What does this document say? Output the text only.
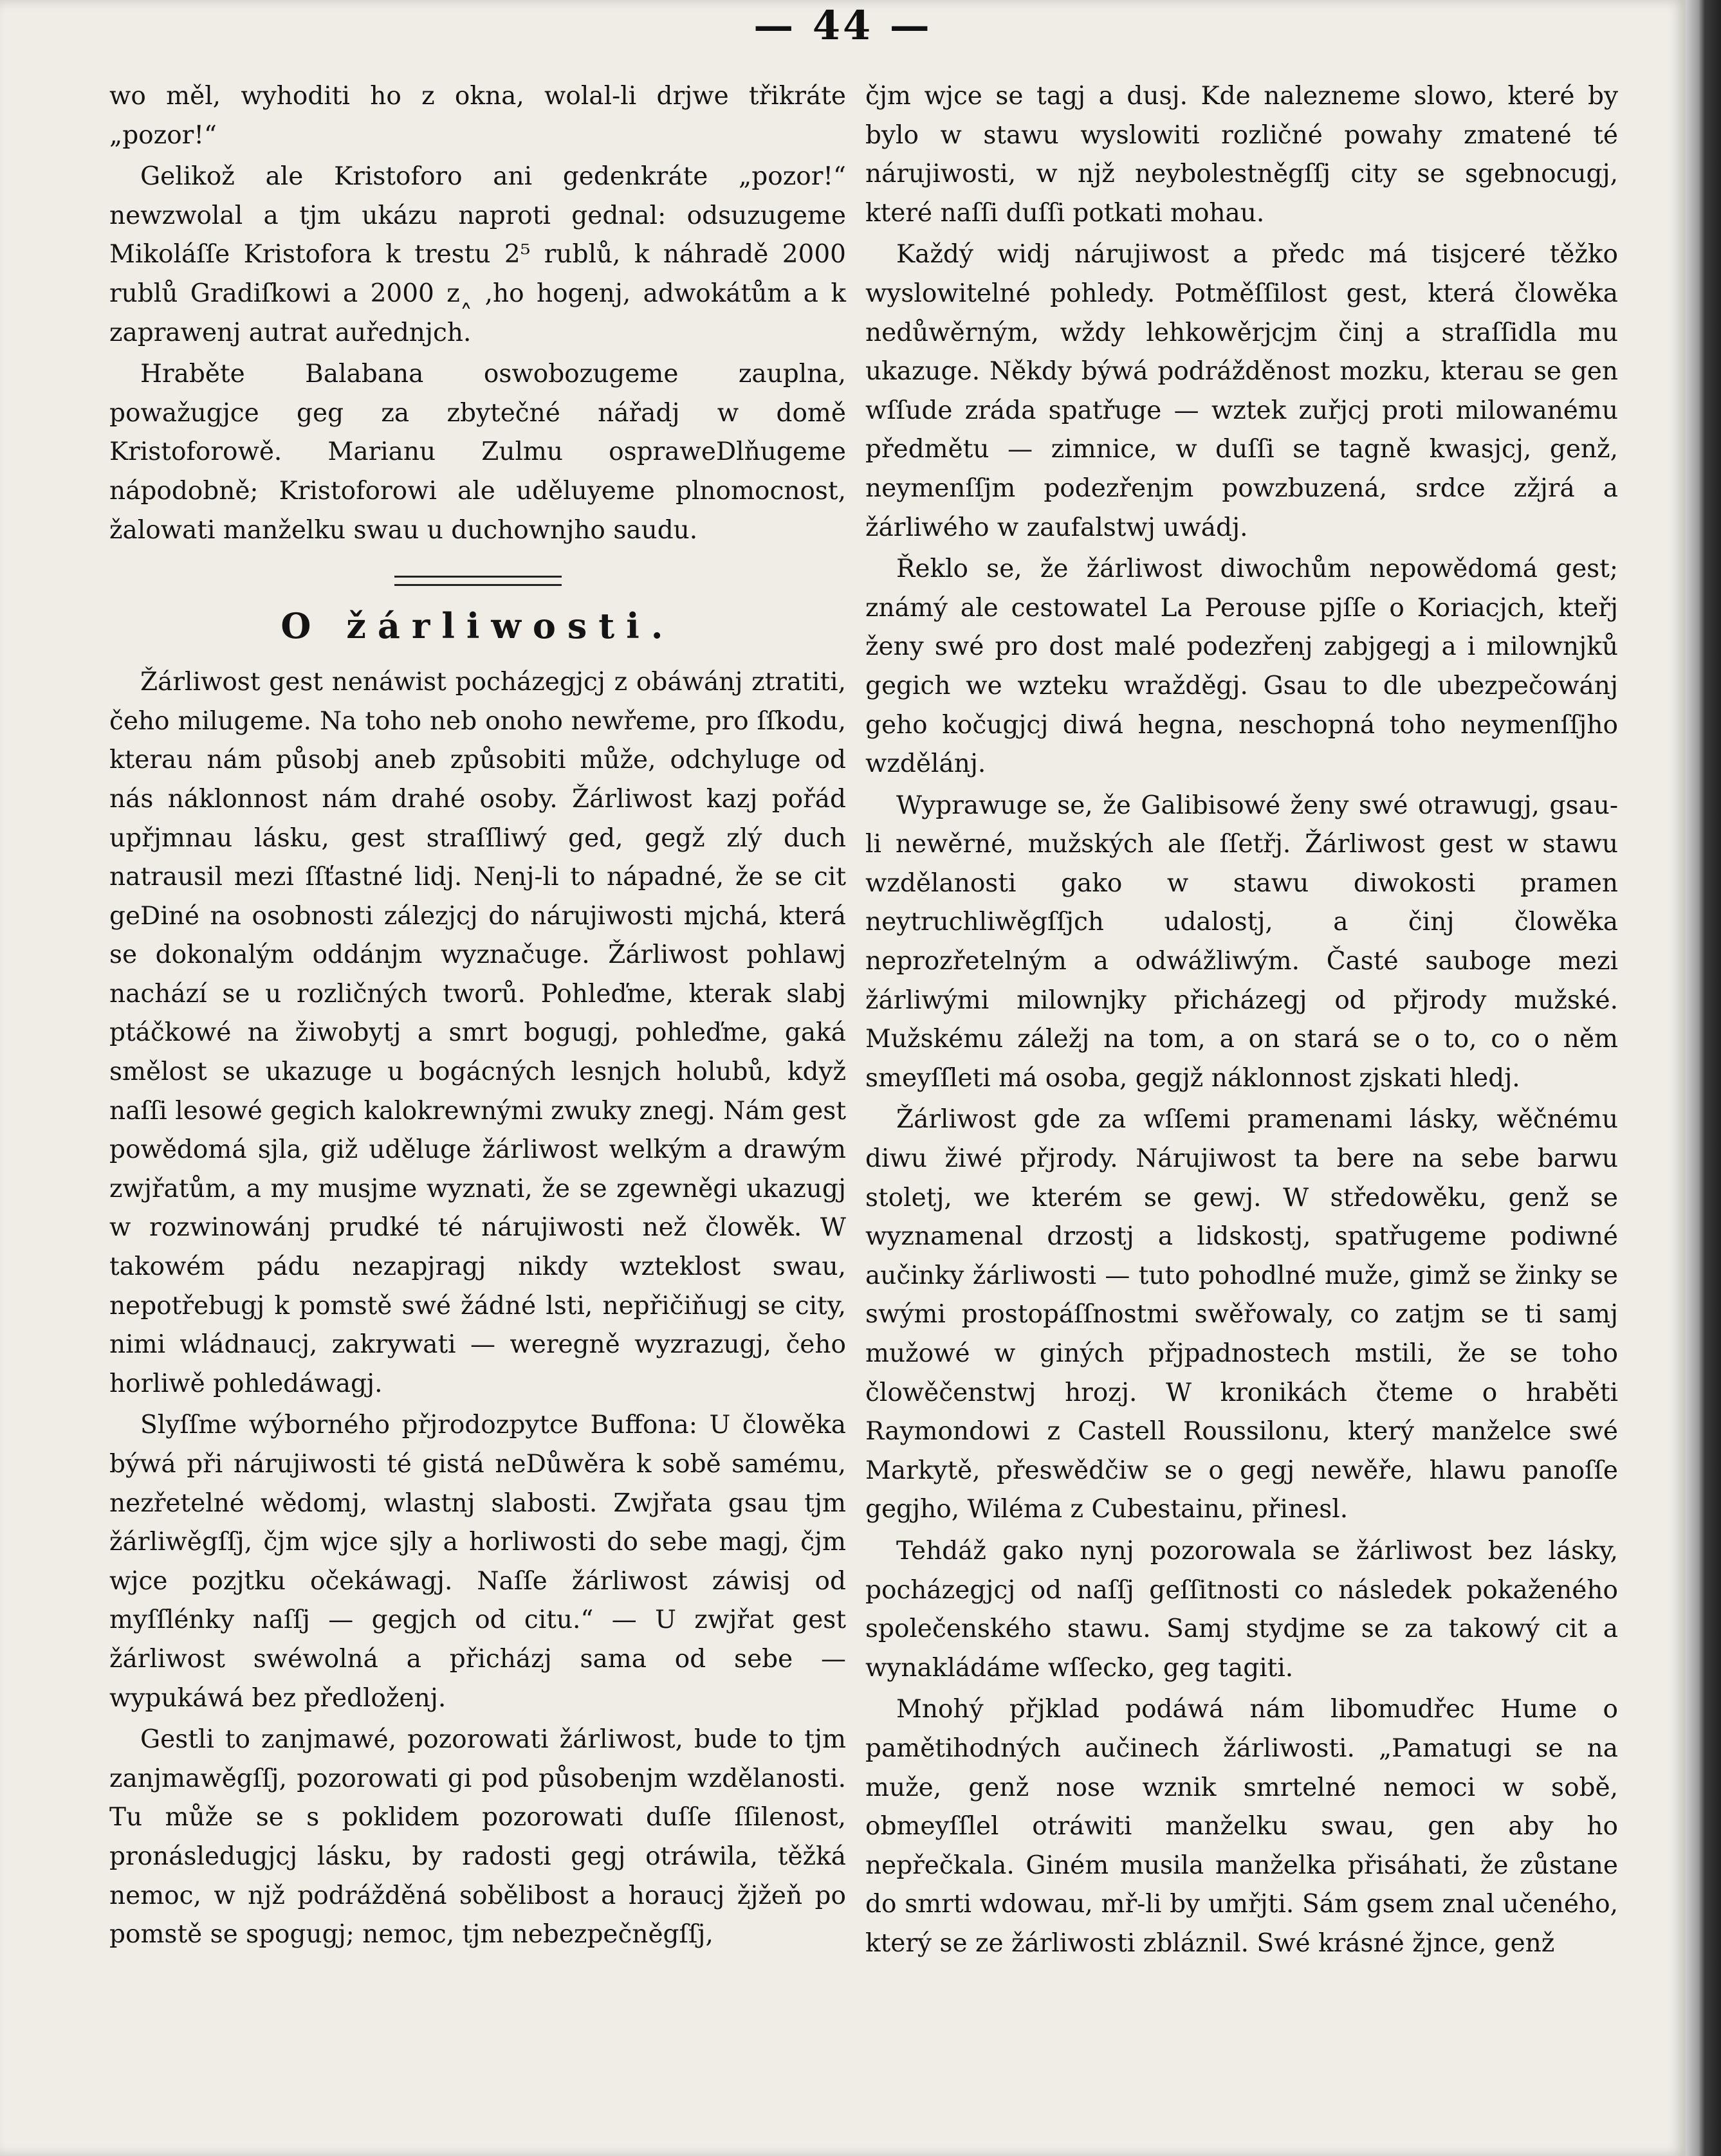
— 44 —

wo měl, wyhoditi ho z okna, wolal-li drjwe třikráte „pozor!“

Gelikož ale Kristoforo ani gedenkráte „pozor!“ newzwolal a tjm ukázu naproti gednal: odsuzugeme Mikoláſſe Kristofora k trestu 2⁵ rublů, k náhradě 2000 rublů Gradiſkowi a 2000 z˰ ,ho hogenj, adwokátům a k zaprawenj autrat auřednjch.

Hraběte Balabana oswobozugeme zauplna, powažugjce geg za zbytečné nářadj w domě Kristoforowě. Marianu Zulmu ospraweDlňugeme nápodobně; Kristoforowi ale uděluyeme plnomocnost, žalowati manželku swau u duchownjho saudu.

O žárliwosti.

Žárliwost gest nenáwist pocházegjcj z obáwánj ztratiti, čeho milugeme. Na toho neb onoho newřeme, pro ſſkodu, kterau nám působj aneb způsobiti může, odchyluge od nás náklonnost nám drahé osoby. Žárliwost kazj pořád upřjmnau lásku, gest straſſliwý ged, gegž zlý duch natrausil mezi ſſťastné lidj. Nenj-li to nápadné, že se cit geDiné na osobnosti zálezjcj do nárujiwosti mjchá, která se dokonalým oddánjm wyznačuge. Žárliwost pohlawj nachází se u rozličných tworů. Pohleďme, kterak slabj ptáčkowé na žiwobytj a smrt bogugj, pohleďme, gaká smělost se ukazuge u bogácných lesnjch holubů, když naſſi lesowé gegich kalokrewnými zwuky znegj. Nám gest powědomá sjla, giž uděluge žárliwost welkým a drawým zwjřatům, a my musjme wyznati, že se zgewněgi ukazugj w rozwinowánj prudké té nárujiwosti než člowěk. W takowém pádu nezapjragj nikdy wzteklost swau, nepotřebugj k pomstě swé žádné lsti, nepřičiňugj se city, nimi wládnaucj, zakrywati — weregně wyzrazugj, čeho horliwě pohledáwagj.

Slyſſme wýborného přjrodozpytce Buffona: U člowěka býwá při nárujiwosti té gistá neDůwěra k sobě samému, nezřetelné wědomj, wlastnj slabosti. Zwjřata gsau tjm žárliwěgſſj, čjm wjce sjly a horliwosti do sebe magj, čjm wjce pozjtku očekáwagj. Naſſe žárliwost záwisj od myſſlénky naſſj — gegjch od citu.“ — U zwjřat gest žárliwost swéwolná a přicházj sama od sebe — wypukáwá bez předloženj.

Gestli to zanjmawé, pozorowati žárliwost, bude to tjm zanjmawěgſſj, pozorowati gi pod působenjm wzdělanosti. Tu může se s poklidem pozorowati duſſe ſſilenost, pronásledugjcj lásku, by radosti gegj otráwila, těžká nemoc, w njž podrážděná sobělibost a horaucj žjžeň po pomstě se spogugj; nemoc, tjm nebezpečněgſſj,

čjm wjce se tagj a dusj. Kde nalezneme slowo, které by bylo w stawu wyslowiti rozličné powahy zmatené té nárujiwosti, w njž neybolestněgſſj city se sgebnocugj, které naſſi duſſi potkati mohau.

Každý widj nárujiwost a předc má tisjceré těžko wyslowitelné pohledy. Potměſſilost gest, která člowěka nedůwěrným, wždy lehkowěrjcjm činj a straſſidla mu ukazuge. Někdy býwá podrážděnost mozku, kterau se gen wſſude zráda spatřuge — wztek zuřjcj proti milowanému předmětu — zimnice, w duſſi se tagně kwasjcj, genž, neymenſſjm podezřenjm powzbuzená, srdce zžjrá a žárliwého w zaufalstwj uwádj.

Řeklo se, že žárliwost diwochům nepowědomá gest; známý ale cestowatel La Perouse pjſſe o Koriacjch, kteřj ženy swé pro dost malé podezřenj zabjgegj a i milownjků gegich we wzteku wražděgj. Gsau to dle ubezpečowánj geho kočugjcj diwá hegna, neschopná toho neymenſſjho wzdělánj.

Wyprawuge se, že Galibisowé ženy swé otrawugj, gsau-li newěrné, mužských ale ſſetřj. Žárliwost gest w stawu wzdělanosti gako w stawu diwokosti pramen neytruchliwěgſſjch udalostj, a činj člowěka neprozřetelným a odwážliwým. Časté sauboge mezi žárliwými milownjky přicházegj od přjrody mužské. Mužskému záležj na tom, a on stará se o to, co o něm smeyſſleti má osoba, gegjž náklonnost zjskati hledj.

Žárliwost gde za wſſemi pramenami lásky, wěčnému diwu žiwé přjrody. Nárujiwost ta bere na sebe barwu stoletj, we kterém se gewj. W středowěku, genž se wyznamenal drzostj a lidskostj, spatřugeme podiwné aučinky žárliwosti — tuto pohodlné muže, gimž se žinky se swými prostopáſſnostmi swěřowaly, co zatjm se ti samj mužowé w giných přjpadnostech mstili, že se toho člowěčenstwj hrozj. W kronikách čteme o hraběti Raymondowi z Castell Roussilonu, který manželce swé Markytě, přeswědčiw se o gegj newěře, hlawu panoſſe gegjho, Wiléma z Cubestainu, přinesl.

Tehdáž gako nynj pozorowala se žárliwost bez lásky, pocházegjcj od naſſj geſſitnosti co následek pokaženého společenského stawu. Samj stydjme se za takowý cit a wynakládáme wſſecko, geg tagiti.

Mnohý přjklad podáwá nám libomudřec Hume o pamětihodných aučinech žárliwosti. „Pamatugi se na muže, genž nose wznik smrtelné nemoci w sobě, obmeyſſlel otráwiti manželku swau, gen aby ho nepřečkala. Giném musila manželka přisáhati, že zůstane do smrti wdowau, mř-li by umřjti. Sám gsem znal učeného, který se ze žárliwosti zbláznil. Swé krásné žjnce, genž
